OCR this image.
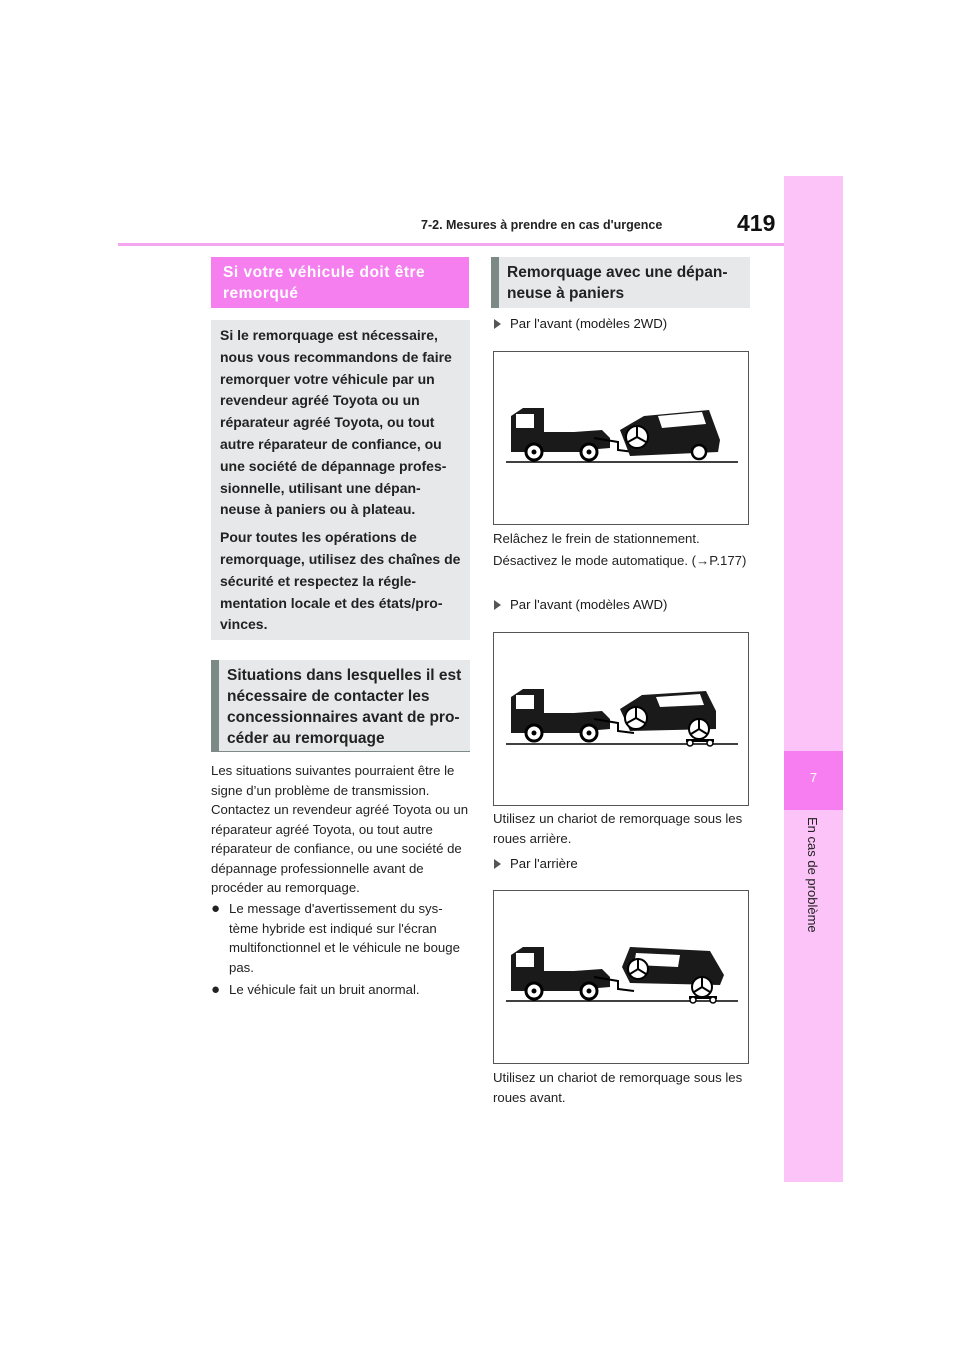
7-2. Mesures à prendre en cas d'urgence	419
7
En cas de problème
Si votre véhicule doit être remorqué

Si le remorquage est nécessaire, nous vous recommandons de faire remorquer votre véhicule par un revendeur agréé Toyota ou un réparateur agréé Toyota, ou tout autre réparateur de confiance, ou une société de dépannage profes-sionnelle, utilisant une dépan-neuse à paniers ou à plateau.

Pour toutes les opérations de remorquage, utilisez des chaînes de sécurité et respectez la régle-mentation locale et des états/pro-vinces.

Situations dans lesquelles il est nécessaire de contacter les concessionnaires avant de pro-céder au remorquage
Les situations suivantes pourraient être le signe d’un problème de transmission. Contactez un revendeur agréé Toyota ou un réparateur agréé Toyota, ou tout autre réparateur de confiance, ou une société de dépannage professionnelle avant de procéder au remorquage.
● Le message d'avertissement du sys-tème hybride est indiqué sur l'écran multifonctionnel et le véhicule ne bouge pas.
● Le véhicule fait un bruit anormal.
Remorquage avec une dépan-neuse à paniers
Par l'avant (modèles 2WD)
Relâchez le frein de stationnement.
Désactivez le mode automatique. (→P.177)
Par l'avant (modèles AWD)
Utilisez un chariot de remorquage sous les roues arrière.
Par l'arrière
Utilisez un chariot de remorquage sous les roues avant.
